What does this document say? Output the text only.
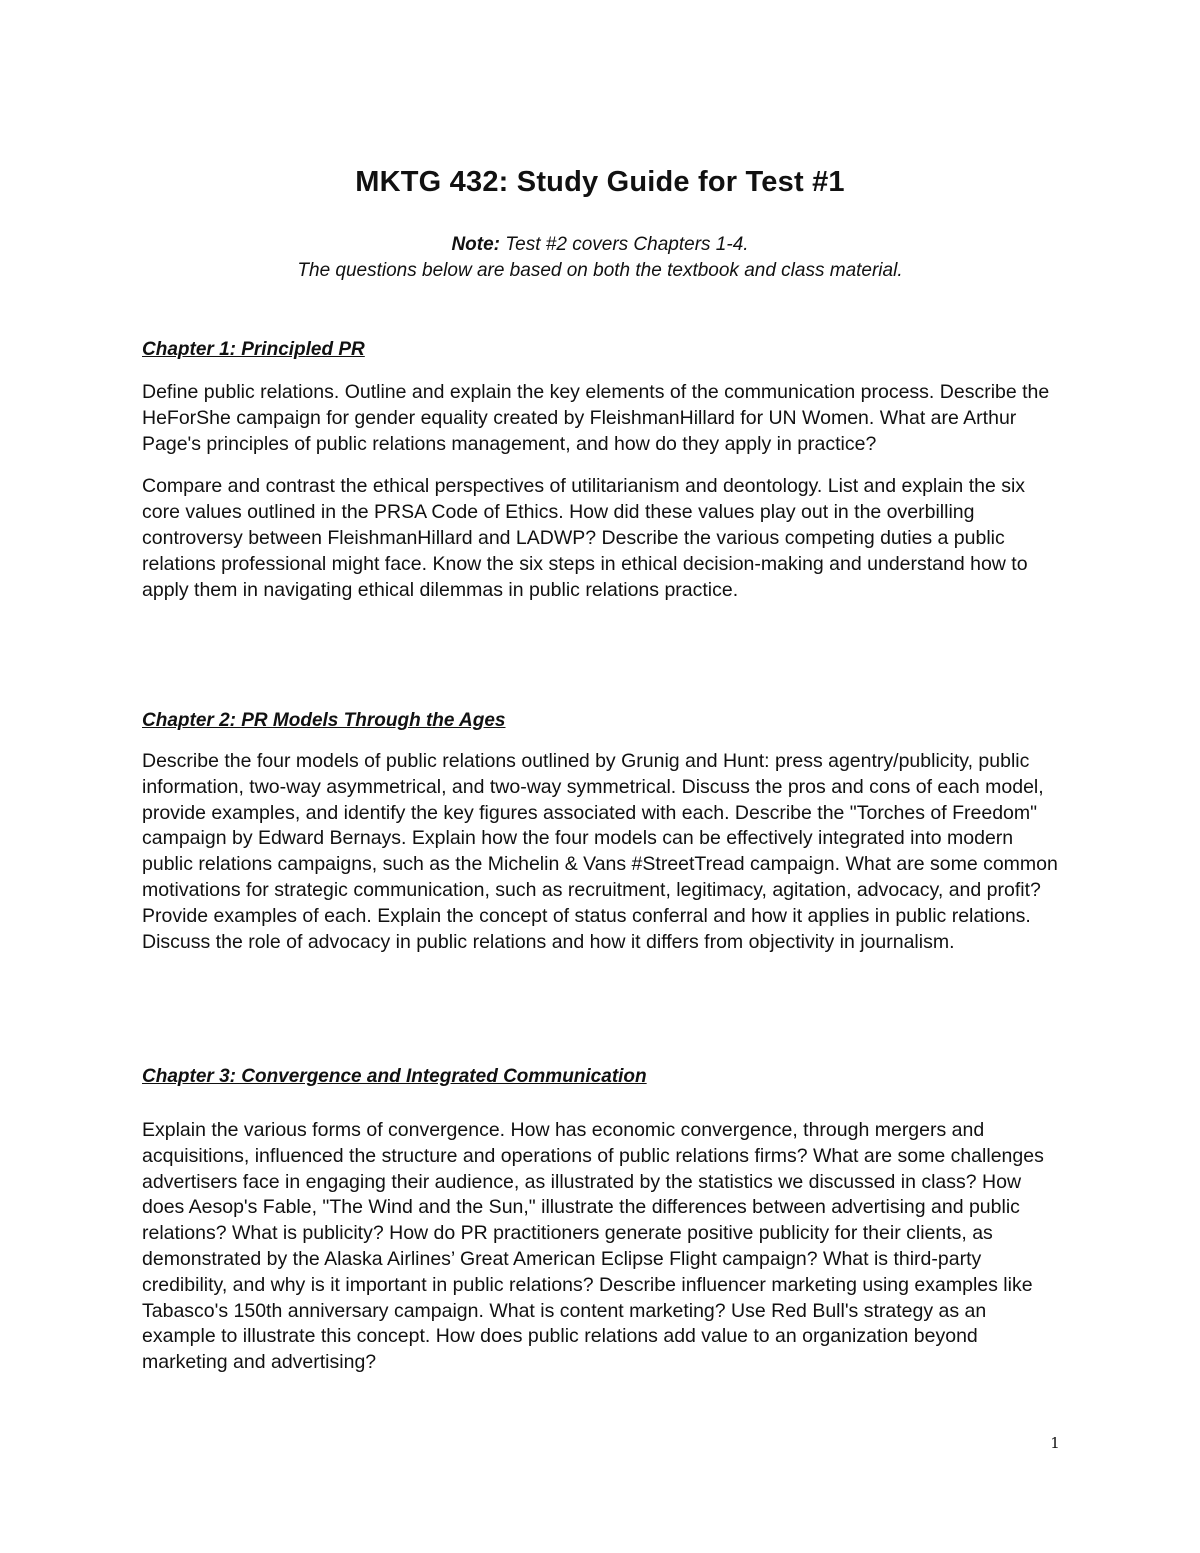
MKTG 432: Study Guide for Test #1
Note: Test #2 covers Chapters 1-4.
The questions below are based on both the textbook and class material.
Chapter 1: Principled PR

Define public relations. Outline and explain the key elements of the communication process. Describe the HeForShe campaign for gender equality created by FleishmanHillard for UN Women. What are Arthur Page's principles of public relations management, and how do they apply in practice?

Compare and contrast the ethical perspectives of utilitarianism and deontology. List and explain the six core values outlined in the PRSA Code of Ethics. How did these values play out in the overbilling controversy between FleishmanHillard and LADWP? Describe the various competing duties a public relations professional might face. Know the six steps in ethical decision-making and understand how to apply them in navigating ethical dilemmas in public relations practice.

Chapter 2: PR Models Through the Ages

Describe the four models of public relations outlined by Grunig and Hunt: press agentry/publicity, public information, two-way asymmetrical, and two-way symmetrical. Discuss the pros and cons of each model, provide examples, and identify the key figures associated with each. Describe the "Torches of Freedom" campaign by Edward Bernays. Explain how the four models can be effectively integrated into modern public relations campaigns, such as the Michelin & Vans #StreetTread campaign. What are some common motivations for strategic communication, such as recruitment, legitimacy, agitation, advocacy, and profit? Provide examples of each. Explain the concept of status conferral and how it applies in public relations. Discuss the role of advocacy in public relations and how it differs from objectivity in journalism.

Chapter 3: Convergence and Integrated Communication

Explain the various forms of convergence. How has economic convergence, through mergers and acquisitions, influenced the structure and operations of public relations firms? What are some challenges advertisers face in engaging their audience, as illustrated by the statistics we discussed in class? How does Aesop's Fable, "The Wind and the Sun," illustrate the differences between advertising and public relations? What is publicity? How do PR practitioners generate positive publicity for their clients, as demonstrated by the Alaska Airlines’ Great American Eclipse Flight campaign? What is third-party credibility, and why is it important in public relations? Describe influencer marketing using examples like Tabasco's 150th anniversary campaign. What is content marketing? Use Red Bull's strategy as an example to illustrate this concept. How does public relations add value to an organization beyond marketing and advertising?

1
